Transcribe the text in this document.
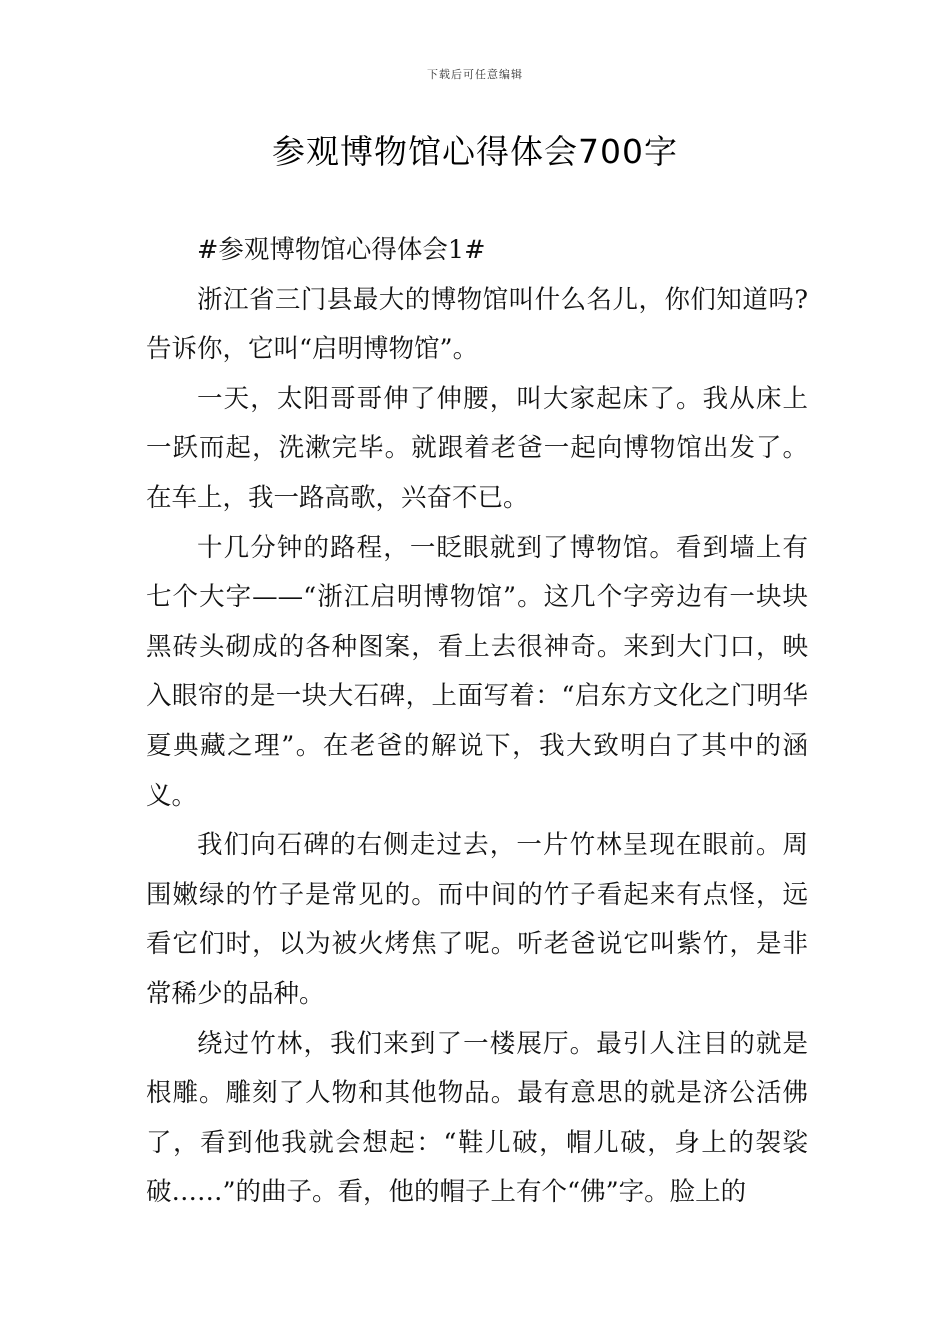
下载后可任意编辑
参观博物馆心得体会700字

#参观博物馆心得体会1#

浙江省三门县最大的博物馆叫什么名儿，你们知道吗?告诉你，它叫“启明博物馆”。

一天，太阳哥哥伸了伸腰，叫大家起床了。我从床上一跃而起，洗漱完毕。就跟着老爸一起向博物馆出发了。在车上，我一路高歌，兴奋不已。

十几分钟的路程，一眨眼就到了博物馆。看到墙上有七个大字——“浙江启明博物馆”。这几个字旁边有一块块黑砖头砌成的各种图案，看上去很神奇。来到大门口，映入眼帘的是一块大石碑，上面写着：“启东方文化之门明华夏典藏之理”。在老爸的解说下，我大致明白了其中的涵义。

我们向石碑的右侧走过去，一片竹林呈现在眼前。周围嫩绿的竹子是常见的。而中间的竹子看起来有点怪，远看它们时，以为被火烤焦了呢。听老爸说它叫紫竹，是非常稀少的品种。

绕过竹林，我们来到了一楼展厅。最引人注目的就是根雕。雕刻了人物和其他物品。最有意思的就是济公活佛了，看到他我就会想起：“鞋儿破，帽儿破，身上的袈裟破……”的曲子。看，他的帽子上有个“佛”字。脸上的
